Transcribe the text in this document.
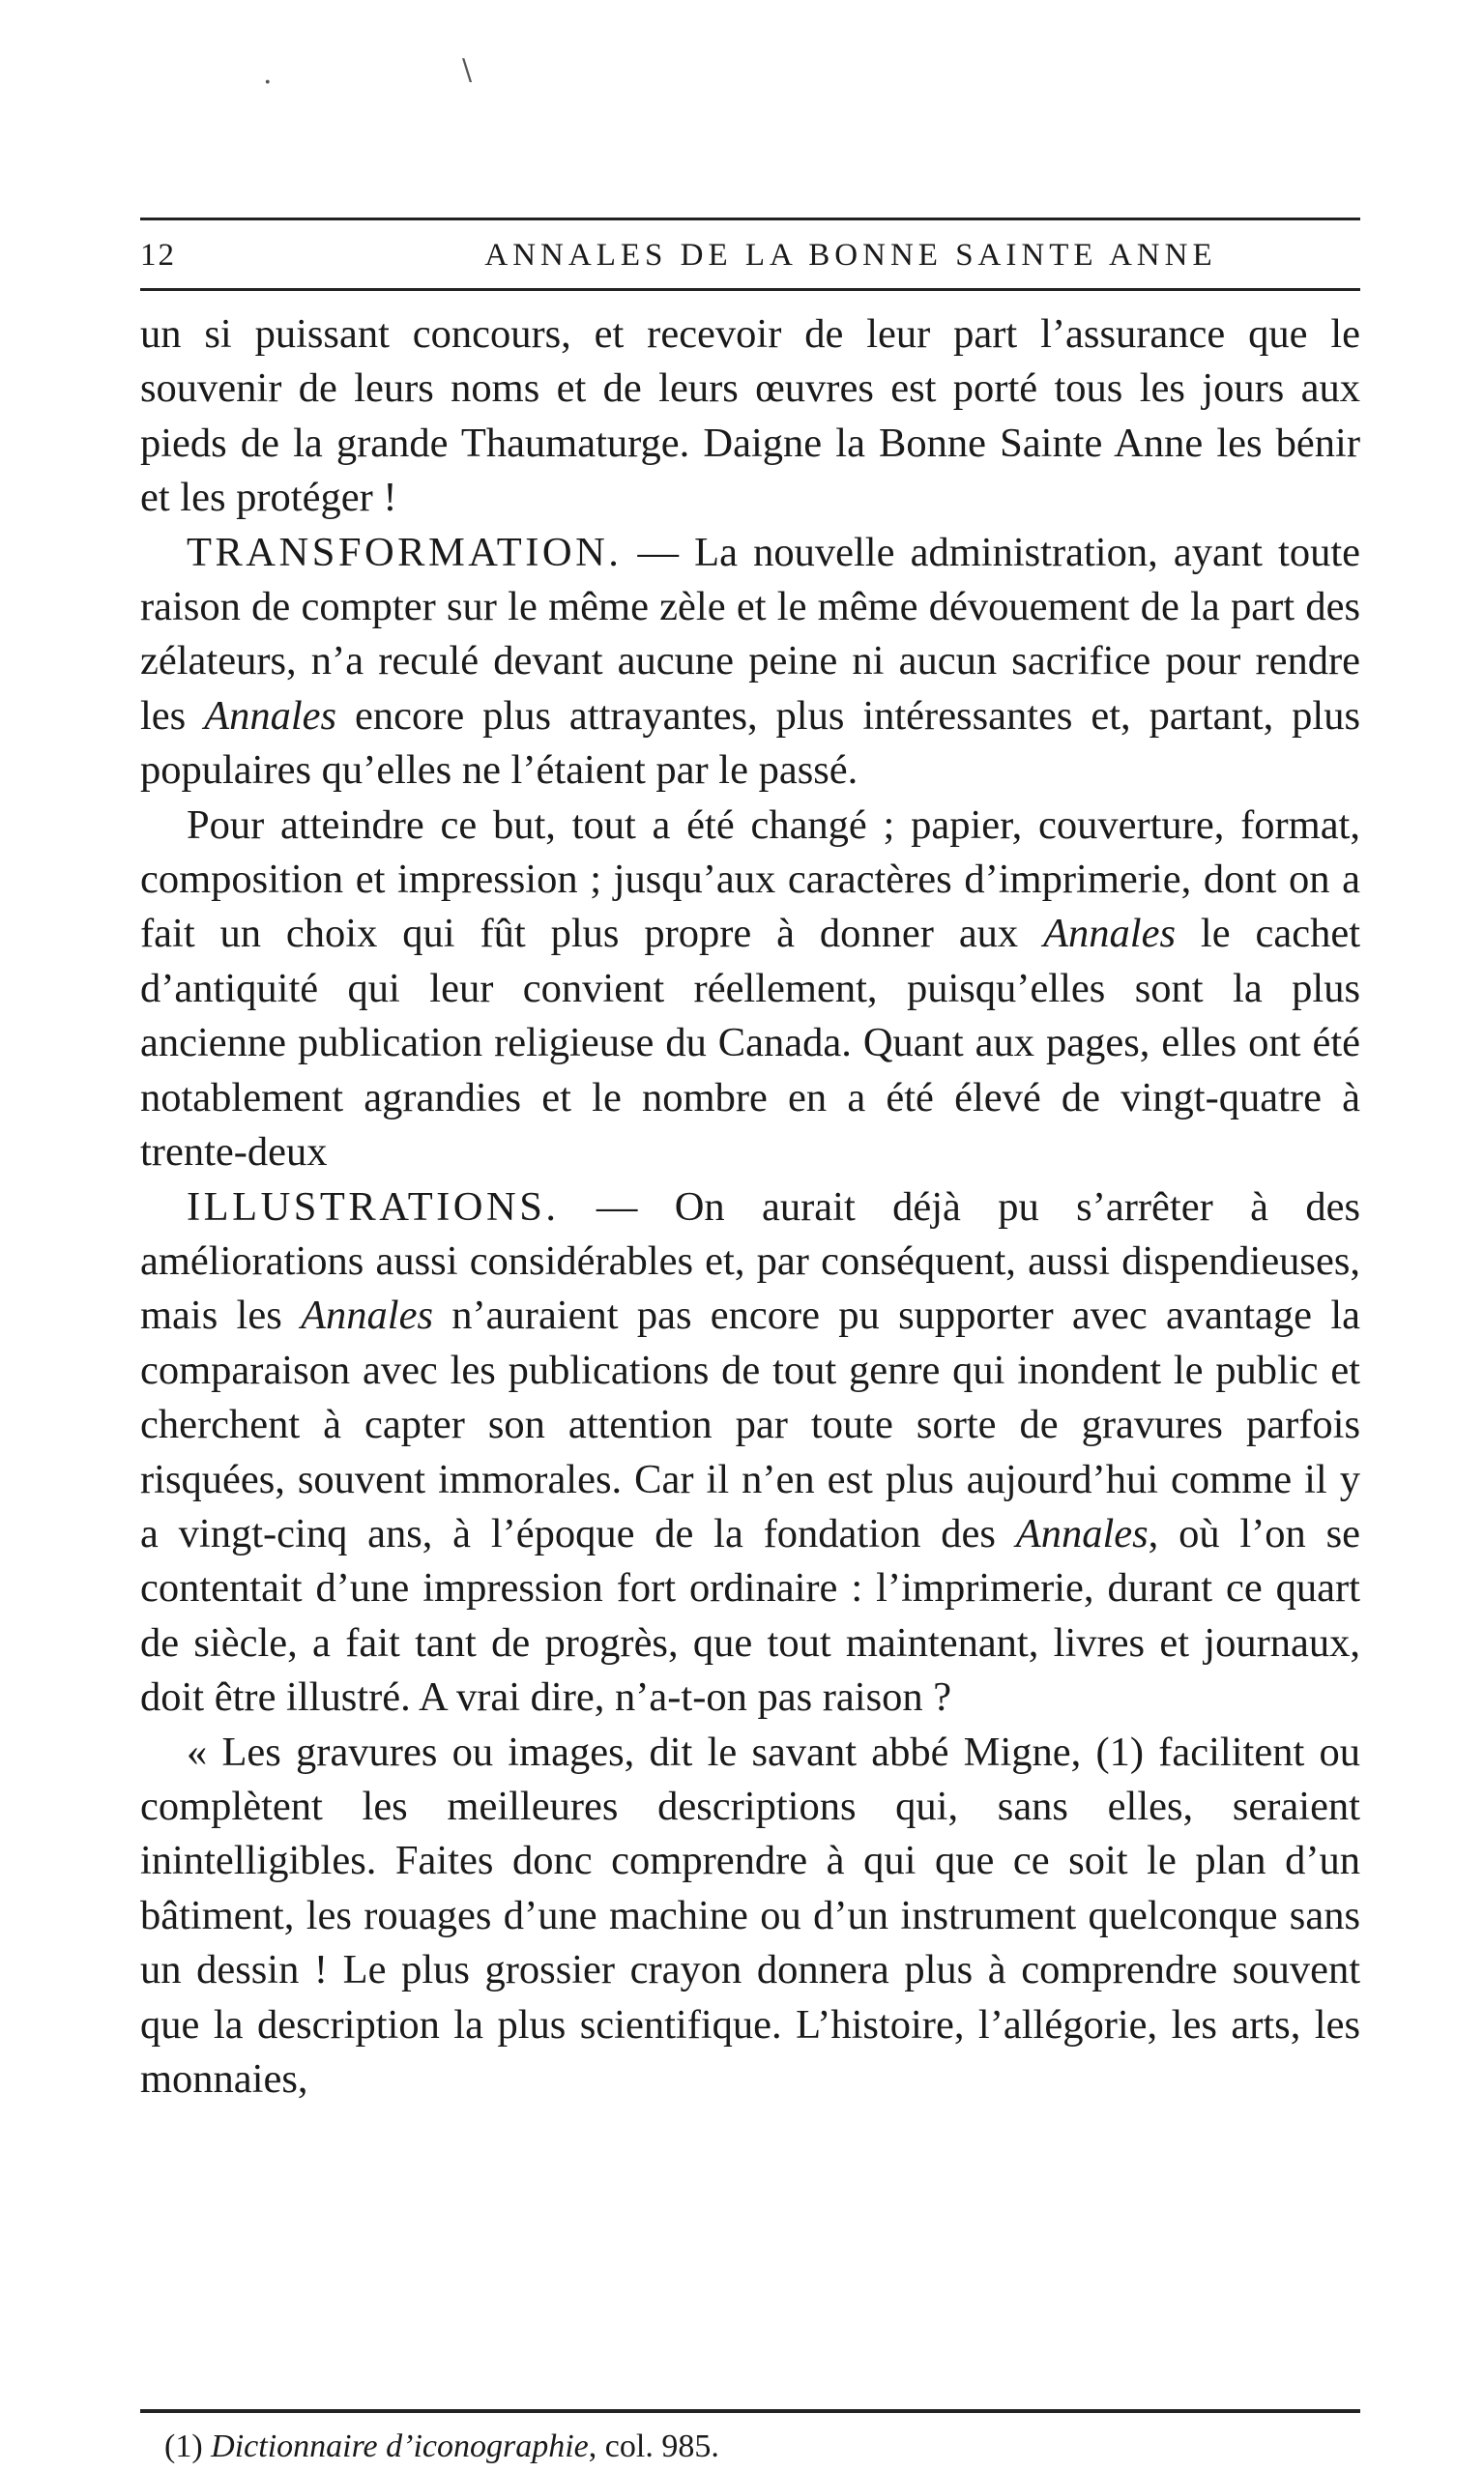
·	\
12	ANNALES DE LA BONNE SAINTE ANNE

un si puissant concours, et recevoir de leur part l’assurance que le souvenir de leurs noms et de leurs œuvres est porté tous les jours aux pieds de la grande Thaumaturge. Daigne la Bonne Sainte Anne les bénir et les protéger !

TRANSFORMATION. — La nouvelle administration, ayant toute raison de compter sur le même zèle et le même dévouement de la part des zélateurs, n’a reculé devant aucune peine ni aucun sacrifice pour rendre les Annales encore plus attrayantes, plus intéressantes et, partant, plus populaires qu’elles ne l’étaient par le passé.

Pour atteindre ce but, tout a été changé ; papier, couverture, format, composition et impression ; jusqu’aux caractères d’imprimerie, dont on a fait un choix qui fût plus propre à donner aux Annales le cachet d’antiquité qui leur convient réellement, puisqu’elles sont la plus ancienne publication religieuse du Canada. Quant aux pages, elles ont été notablement agrandies et le nombre en a été élevé de vingt-quatre à trente-deux

ILLUSTRATIONS. — On aurait déjà pu s’arrêter à des améliorations aussi considérables et, par conséquent, aussi dispendieuses, mais les Annales n’auraient pas encore pu supporter avec avantage la comparaison avec les publications de tout genre qui inondent le public et cherchent à capter son attention par toute sorte de gravures parfois risquées, souvent immorales. Car il n’en est plus aujourd’hui comme il y a vingt-cinq ans, à l’époque de la fondation des Annales, où l’on se contentait d’une impression fort ordinaire : l’imprimerie, durant ce quart de siècle, a fait tant de progrès, que tout maintenant, livres et journaux, doit être illustré. A vrai dire, n’a-t-on pas raison ?

« Les gravures ou images, dit le savant abbé Migne, (1) facilitent ou complètent les meilleures descriptions qui, sans elles, seraient inintelligibles. Faites donc comprendre à qui que ce soit le plan d’un bâtiment, les rouages d’une machine ou d’un instrument quelconque sans un dessin ! Le plus grossier crayon donnera plus à comprendre souvent que la description la plus scientifique. L’histoire, l’allégorie, les arts, les monnaies,

(1) Dictionnaire d’iconographie, col. 985.
